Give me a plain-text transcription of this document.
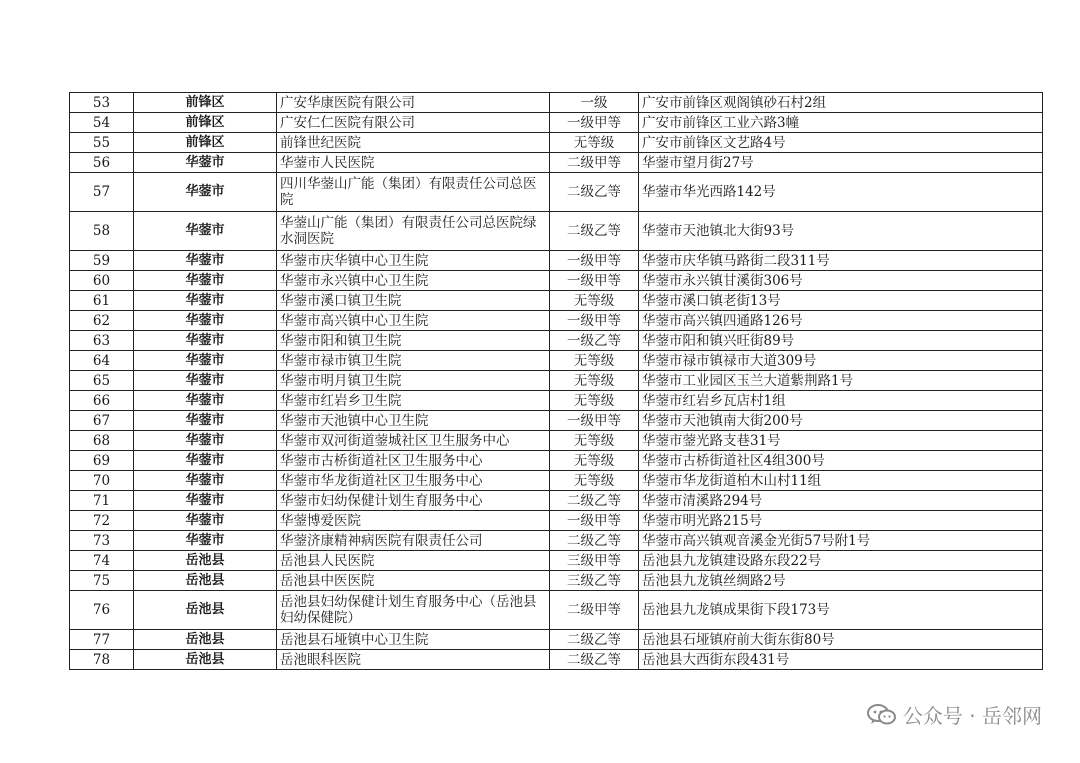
53	前锋区	广安华康医院有限公司	一级	广安市前锋区观阁镇砂石村2组
54	前锋区	广安仁仁医院有限公司	一级甲等	广安市前锋区工业六路3幢
55	前锋区	前锋世纪医院	无等级	广安市前锋区文艺路4号
56	华蓥市	华蓥市人民医院	二级甲等	华蓥市望月街27号
57	华蓥市	四川华蓥山广能（集团）有限责任公司总医院	二级乙等	华蓥市华光西路142号
58	华蓥市	华蓥山广能（集团）有限责任公司总医院绿水洞医院	二级乙等	华蓥市天池镇北大街93号
59	华蓥市	华蓥市庆华镇中心卫生院	一级甲等	华蓥市庆华镇马路街二段311号
60	华蓥市	华蓥市永兴镇中心卫生院	一级甲等	华蓥市永兴镇甘溪街306号
61	华蓥市	华蓥市溪口镇卫生院	无等级	华蓥市溪口镇老街13号
62	华蓥市	华蓥市高兴镇中心卫生院	一级甲等	华蓥市高兴镇四通路126号
63	华蓥市	华蓥市阳和镇卫生院	一级乙等	华蓥市阳和镇兴旺街89号
64	华蓥市	华蓥市禄市镇卫生院	无等级	华蓥市禄市镇禄市大道309号
65	华蓥市	华蓥市明月镇卫生院	无等级	华蓥市工业园区玉兰大道紫荆路1号
66	华蓥市	华蓥市红岩乡卫生院	无等级	华蓥市红岩乡瓦店村1组
67	华蓥市	华蓥市天池镇中心卫生院	一级甲等	华蓥市天池镇南大街200号
68	华蓥市	华蓥市双河街道蓥城社区卫生服务中心	无等级	华蓥市蓥光路支巷31号
69	华蓥市	华蓥市古桥街道社区卫生服务中心	无等级	华蓥市古桥街道社区4组300号
70	华蓥市	华蓥市华龙街道社区卫生服务中心	无等级	华蓥市华龙街道柏木山村11组
71	华蓥市	华蓥市妇幼保健计划生育服务中心	二级乙等	华蓥市清溪路294号
72	华蓥市	华蓥博爱医院	一级甲等	华蓥市明光路215号
73	华蓥市	华蓥济康精神病医院有限责任公司	二级乙等	华蓥市高兴镇观音溪金光街57号附1号
74	岳池县	岳池县人民医院	三级甲等	岳池县九龙镇建设路东段22号
75	岳池县	岳池县中医医院	三级乙等	岳池县九龙镇丝绸路2号
76	岳池县	岳池县妇幼保健计划生育服务中心（岳池县妇幼保健院）	二级甲等	岳池县九龙镇成果街下段173号
77	岳池县	岳池县石垭镇中心卫生院	二级乙等	岳池县石垭镇府前大街东街80号
78	岳池县	岳池眼科医院	二级乙等	岳池县大西街东段431号
公众号 · 岳邻网
